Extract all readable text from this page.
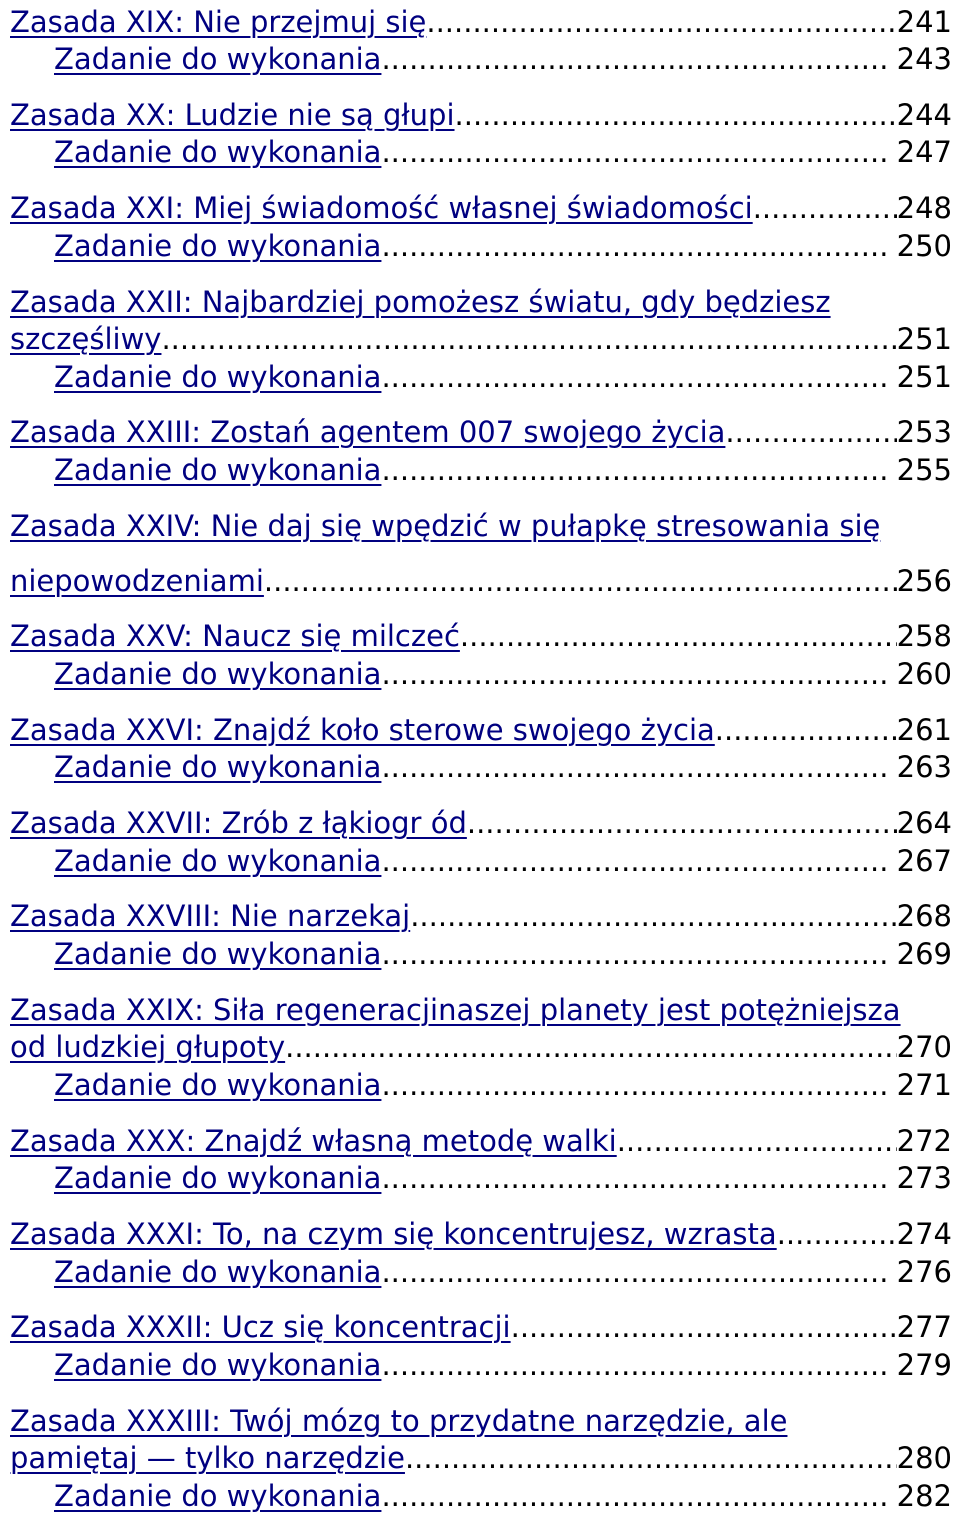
Zasada XIX: Nie przejmuj się .....	241
Zadanie do wykonania .....	243
Zasada XX: Ludzie nie są głupi .....	244
Zadanie do wykonania .....	247
Zasada XXI: Miej świadomość własnej świadomości .....	248
Zadanie do wykonania .....	250
Zasada XXII: Najbardziej pomożesz światu, gdy będziesz
szczęśliwy .....	251
Zadanie do wykonania .....	251
Zasada XXIII: Zostań agentem 007 swojego życia .....	253
Zadanie do wykonania .....	255
Zasada XXIV: Nie daj się wpędzić w pułapkę stresowania się
niepowodzeniami .....	256
Zasada XXV: Naucz się milczeć .....	258
Zadanie do wykonania .....	260
Zasada XXVI: Znajdź koło sterowe swojego życia .....	261
Zadanie do wykonania .....	263
Zasada XXVII: Zrób z łąkiogr ód .....	264
Zadanie do wykonania .....	267
Zasada XXVIII: Nie narzekaj .....	268
Zadanie do wykonania .....	269
Zasada XXIX: Siła regeneracjinaszej planety jest potężniejsza
od ludzkiej głupoty .....	270
Zadanie do wykonania .....	271
Zasada XXX: Znajdź własną metodę walki .....	272
Zadanie do wykonania .....	273
Zasada XXXI: To, na czym się koncentrujesz, wzrasta .....	274
Zadanie do wykonania .....	276
Zasada XXXII: Ucz się koncentracji .....	277
Zadanie do wykonania .....	279
Zasada XXXIII: Twój mózg to przydatne narzędzie, ale
pamiętaj — tylko narzędzie .....	280
Zadanie do wykonania .....	282
